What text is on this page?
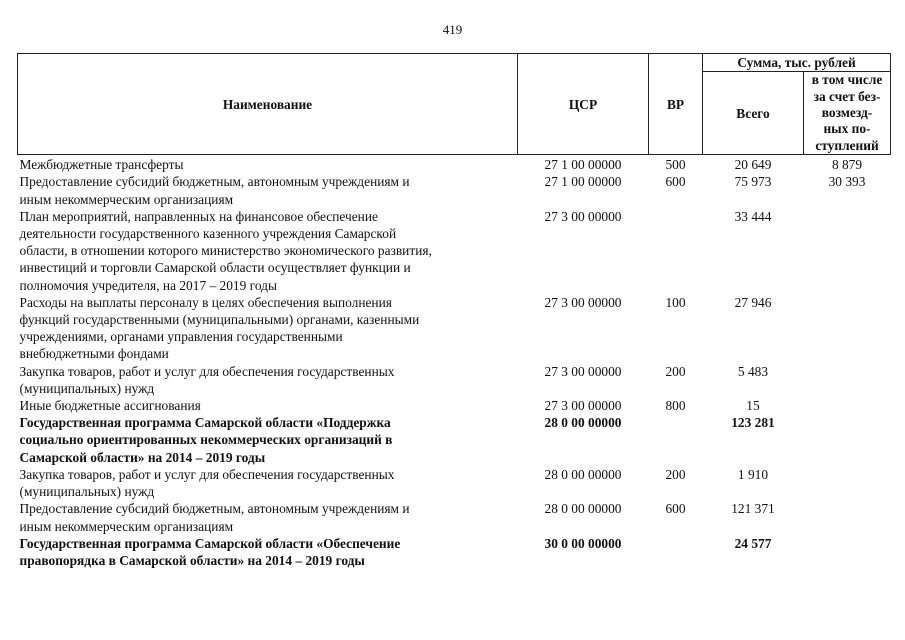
419
Наименование	ЦСР	ВР	Сумма, тыс. рублей	
			Всего	в том числе
за счет без-
возмезд-
ных по-
ступлений

Межбюджетные трансферты	27 1 00 00000	500	20 649	8 879

Предоставление субсидий бюджетным, автономным учреждениям и
иным некоммерческим организациям	27 1 00 00000	600	75 973	30 393

План мероприятий, направленных на финансовое обеспечение
деятельности государственного казенного учреждения Самарской
области, в отношении которого министерство экономического развития,
инвестиций и торговли Самарской области осуществляет функции и
полномочия учредителя, на 2017 – 2019 годы	27 3 00 00000		33 444	

Расходы на выплаты персоналу в целях обеспечения выполнения
функций государственными (муниципальными) органами, казенными
учреждениями, органами управления государственными
внебюджетными фондами	27 3 00 00000	100	27 946	

Закупка товаров, работ и услуг для обеспечения государственных
(муниципальных) нужд	27 3 00 00000	200	5 483	

Иные бюджетные ассигнования	27 3 00 00000	800	15	

Государственная программа Самарской области «Поддержка
социально ориентированных некоммерческих организаций в
Самарской области» на 2014 – 2019 годы	28 0 00 00000		123 281	

Закупка товаров, работ и услуг для обеспечения государственных
(муниципальных) нужд	28 0 00 00000	200	1 910	

Предоставление субсидий бюджетным, автономным учреждениям и
иным некоммерческим организациям	28 0 00 00000	600	121 371	

Государственная программа Самарской области «Обеспечение
правопорядка в Самарской области» на 2014 – 2019 годы	30 0 00 00000		24 577	
